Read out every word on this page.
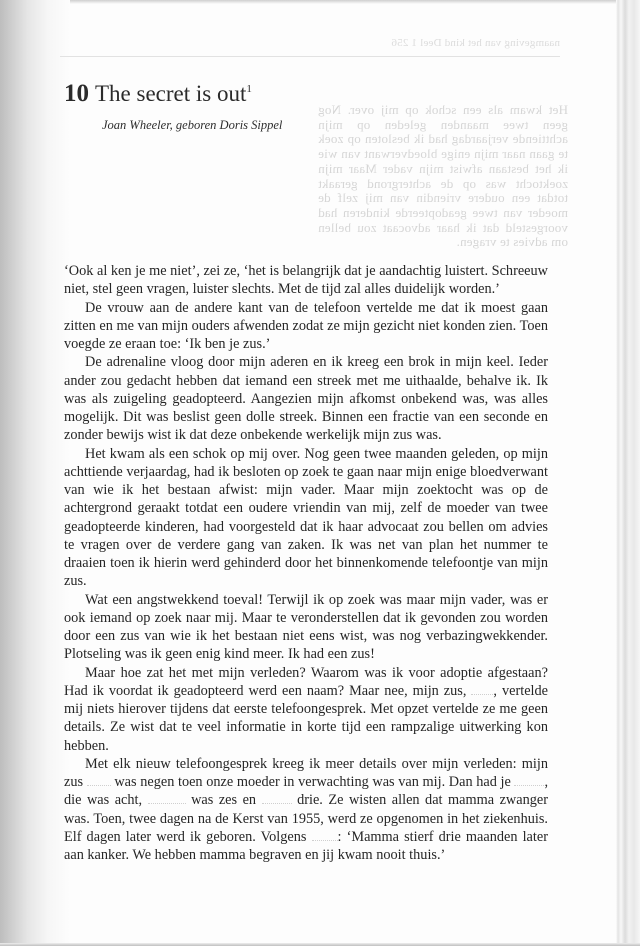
naamgeving van het kind Deel 1 256
Het kwam als een schok op mij over. Nog geen twee maanden geleden op mijn achttiende verjaardag had ik besloten op zoek te gaan naar mijn enige bloedverwant van wie ik het bestaan afwist mijn vader Maar mijn zoektocht was op de achtergrond geraakt totdat een oudere vriendin van mij zelf de moeder van twee geadopteerde kinderen had voorgesteld dat ik haar advocaat zou bellen om advies te vragen.
10 The secret is out$^1$
Joan Wheeler, geboren Doris Sippel

‘Ook al ken je me niet’, zei ze, ‘het is belangrijk dat je aandachtig luistert. Schreeuw niet, stel geen vragen, luister slechts. Met de tijd zal alles duidelijk worden.’

De vrouw aan de andere kant van de telefoon vertelde me dat ik moest gaan zitten en me van mijn ouders afwenden zodat ze mijn gezicht niet konden zien. Toen voegde ze eraan toe: ‘Ik ben je zus.’

De adrenaline vloog door mijn aderen en ik kreeg een brok in mijn keel. Ieder ander zou gedacht hebben dat iemand een streek met me uithaalde, behalve ik. Ik was als zuigeling geadopteerd. Aangezien mijn afkomst onbekend was, was alles mogelijk. Dit was beslist geen dolle streek. Binnen een fractie van een seconde en zonder bewijs wist ik dat deze onbekende werkelijk mijn zus was.

Het kwam als een schok op mij over. Nog geen twee maanden geleden, op mijn achttiende verjaardag, had ik besloten op zoek te gaan naar mijn enige bloedverwant van wie ik het bestaan afwist: mijn vader. Maar mijn zoektocht was op de achtergrond geraakt totdat een oudere vriendin van mij, zelf de moeder van twee geadopteerde kinderen, had voorgesteld dat ik haar advocaat zou bellen om advies te vragen over de verdere gang van zaken. Ik was net van plan het nummer te draaien toen ik hierin werd gehinderd door het binnenkomende telefoontje van mijn zus.

Wat een angstwekkend toeval! Terwijl ik op zoek was maar mijn vader, was er ook iemand op zoek naar mij. Maar te veronderstellen dat ik gevonden zou worden door een zus van wie ik het bestaan niet eens wist, was nog verbazingwekkender. Plotseling was ik geen enig kind meer. Ik had een zus!

Maar hoe zat het met mijn verleden? Waarom was ik voor adoptie afgestaan? Had ik voordat ik geadopteerd werd een naam? Maar nee, mijn zus, , vertelde mij niets hierover tijdens dat eerste telefoongesprek. Met opzet vertelde ze me geen details. Ze wist dat te veel informatie in korte tijd een rampzalige uitwerking kon hebben.

Met elk nieuw telefoongesprek kreeg ik meer details over mijn verleden: mijn zus was negen toen onze moeder in verwachting was van mij. Dan had je , die was acht,	was zes en	drie. Ze wisten allen dat mamma zwanger was. Toen, twee dagen na de Kerst van 1955, werd ze opgenomen in het ziekenhuis. Elf dagen later werd ik geboren. Volgens : ‘Mamma stierf drie maanden later aan kanker. We hebben mamma begraven en jij kwam nooit thuis.’
